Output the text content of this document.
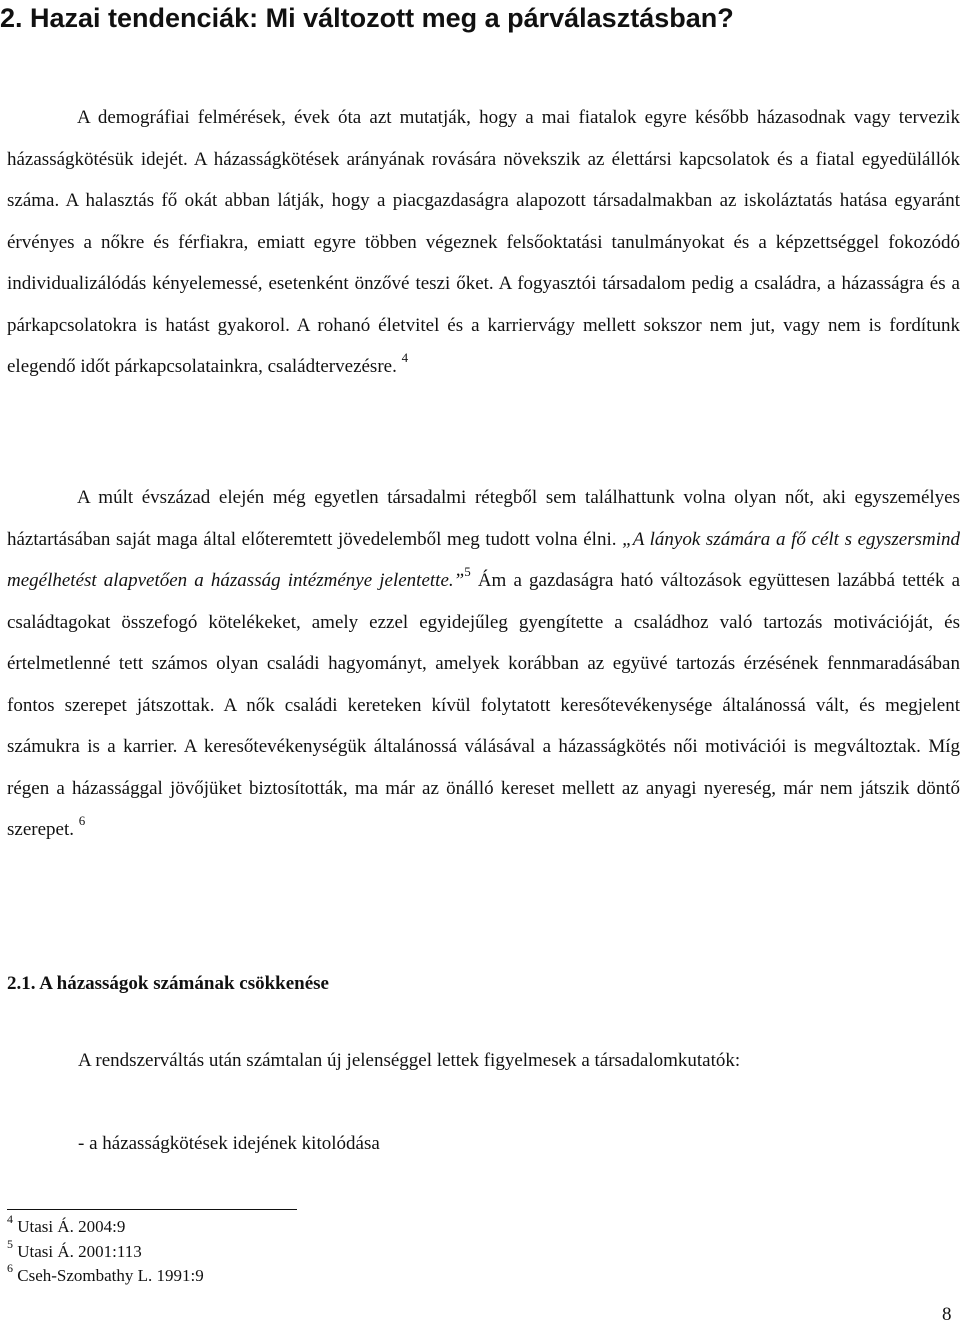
2. Hazai tendenciák: Mi változott meg a párválasztásban?

A demográfiai felmérések, évek óta azt mutatják, hogy a mai fiatalok egyre később házasodnak vagy tervezik házasságkötésük idejét. A házasságkötések arányának rovására növekszik az élettársi kapcsolatok és a fiatal egyedülállók száma. A halasztás fő okát abban látják, hogy a piacgazdaságra alapozott társadalmakban az iskoláztatás hatása egyaránt érvényes a nőkre és férfiakra, emiatt egyre többen végeznek felsőoktatási tanulmányokat és a képzettséggel fokozódó individualizálódás kényelemessé, esetenként önzővé teszi őket. A fogyasztói társadalom pedig a családra, a házasságra és a párkapcsolatokra is hatást gyakorol. A rohanó életvitel és a karriervágy mellett sokszor nem jut, vagy nem is fordítunk elegendő időt párkapcsolatainkra, családtervezésre. $^4$

A múlt évszázad elején még egyetlen társadalmi rétegből sem találhattunk volna olyan nőt, aki egyszemélyes háztartásában saját maga által előteremtett jövedelemből meg tudott volna élni. „A lányok számára a fő célt s egyszersmind megélhetést alapvetően a házasság intézménye jelentette.”$^5$ Ám a gazdaságra ható változások együttesen lazábbá tették a családtagokat összefogó kötelékeket, amely ezzel egyidejűleg gyengítette a családhoz való tartozás motivációját, és értelmetlenné tett számos olyan családi hagyományt, amelyek korábban az együvé tartozás érzésének fennmaradásában fontos szerepet játszottak. A nők családi kereteken kívül folytatott keresőtevékenysége általánossá vált, és megjelent számukra is a karrier. A keresőtevékenységük általánossá válásával a házasságkötés női motivációi is megváltoztak. Míg régen a házassággal jövőjüket biztosították, ma már az önálló kereset mellett az anyagi nyereség, már nem játszik döntő szerepet. $^6$

2.1. A házasságok számának csökkenése

A rendszerváltás után számtalan új jelenséggel lettek figyelmesek a társadalomkutatók:

- a házasságkötések idejének kitolódása

$^4$ Utasi Á. 2004:9
$^5$ Utasi Á. 2001:113
$^6$ Cseh-Szombathy L. 1991:9
8
